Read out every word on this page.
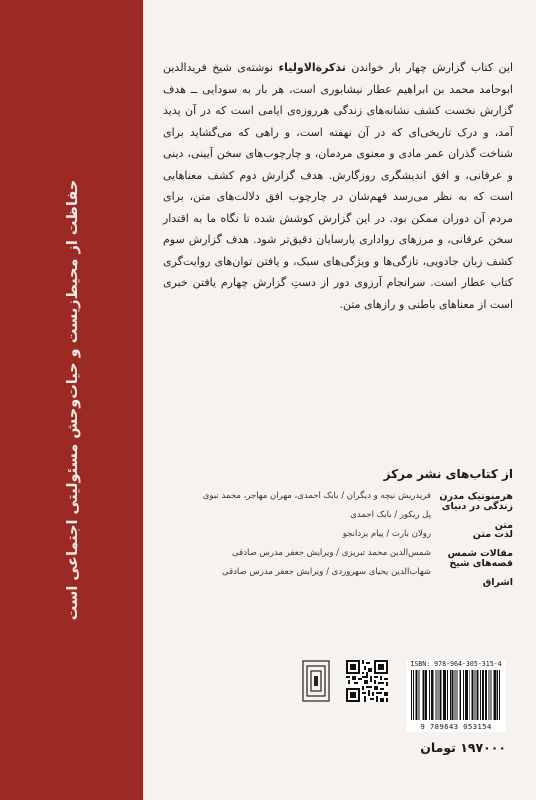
حفاظت از محیط‌زیست و حیات‌وحش مسئولیتی اجتماعی است
این کتاب گزارش چهار بار خواندن تذکرة‌الاولیاء نوشته‌ی شیخ فریدالدین ابوحامد محمد بن ابراهیم عطار نیشابوری است، هر بار به سودایی ــ هدف گزارش نخست کشف نشانه‌های زندگی هرروزه‌ی ایامی است که در آن پدید آمد، و درک تاریخی‌ای که در آن نهفته است، و راهی که می‌گشاید برای شناخت گذران عمر مادی و معنوی مردمان، و چارچوب‌های سخن آیینی، دینی و عرفانی، و افق اندیشگری روزگارش. هدف گزارش دوم کشف معناهایی است که به نظر می‌رسد فهم‌شان در چارچوب افق دلالت‌های متن، برای مردم آن دوران ممکن بود. در این گزارش کوشش شده تا نگاه ما به اقتدار سخن عرفانی، و مرزهای رواداری پارسایان دقیق‌تر شود. هدف گزارش سوم کشف زبان جادویی، تازگی‌ها و ویژگی‌های سبک، و یافتن توان‌های روایت‌گری کتاب عطار است. سرانجام آرزوی دور از دستِ گزارش چهارم یافتن خبری است از معناهای باطنی و رازهای متن.
از کتاب‌های نشر مرکز
هرمنوتیک مدرن
فریدریش نیچه و دیگران / بابک احمدی، مهران مهاجر، محمد نبوی
زندگی در دنیای متن
پل ریکور / بابک احمدی
لذت متن
رولان بارت / پیام یزدانجو
مقالات شمس
شمس‌الدین محمد تبریزی / ویرایش جعفر مدرس صادقی
قصه‌های شیخ اشراق
شهاب‌الدین یحیای سهروردی / ویرایش جعفر مدرس صادقی
ISBN: 978-964-305-315-4
9 789643 053154
۱۹۷۰۰۰ تومان
